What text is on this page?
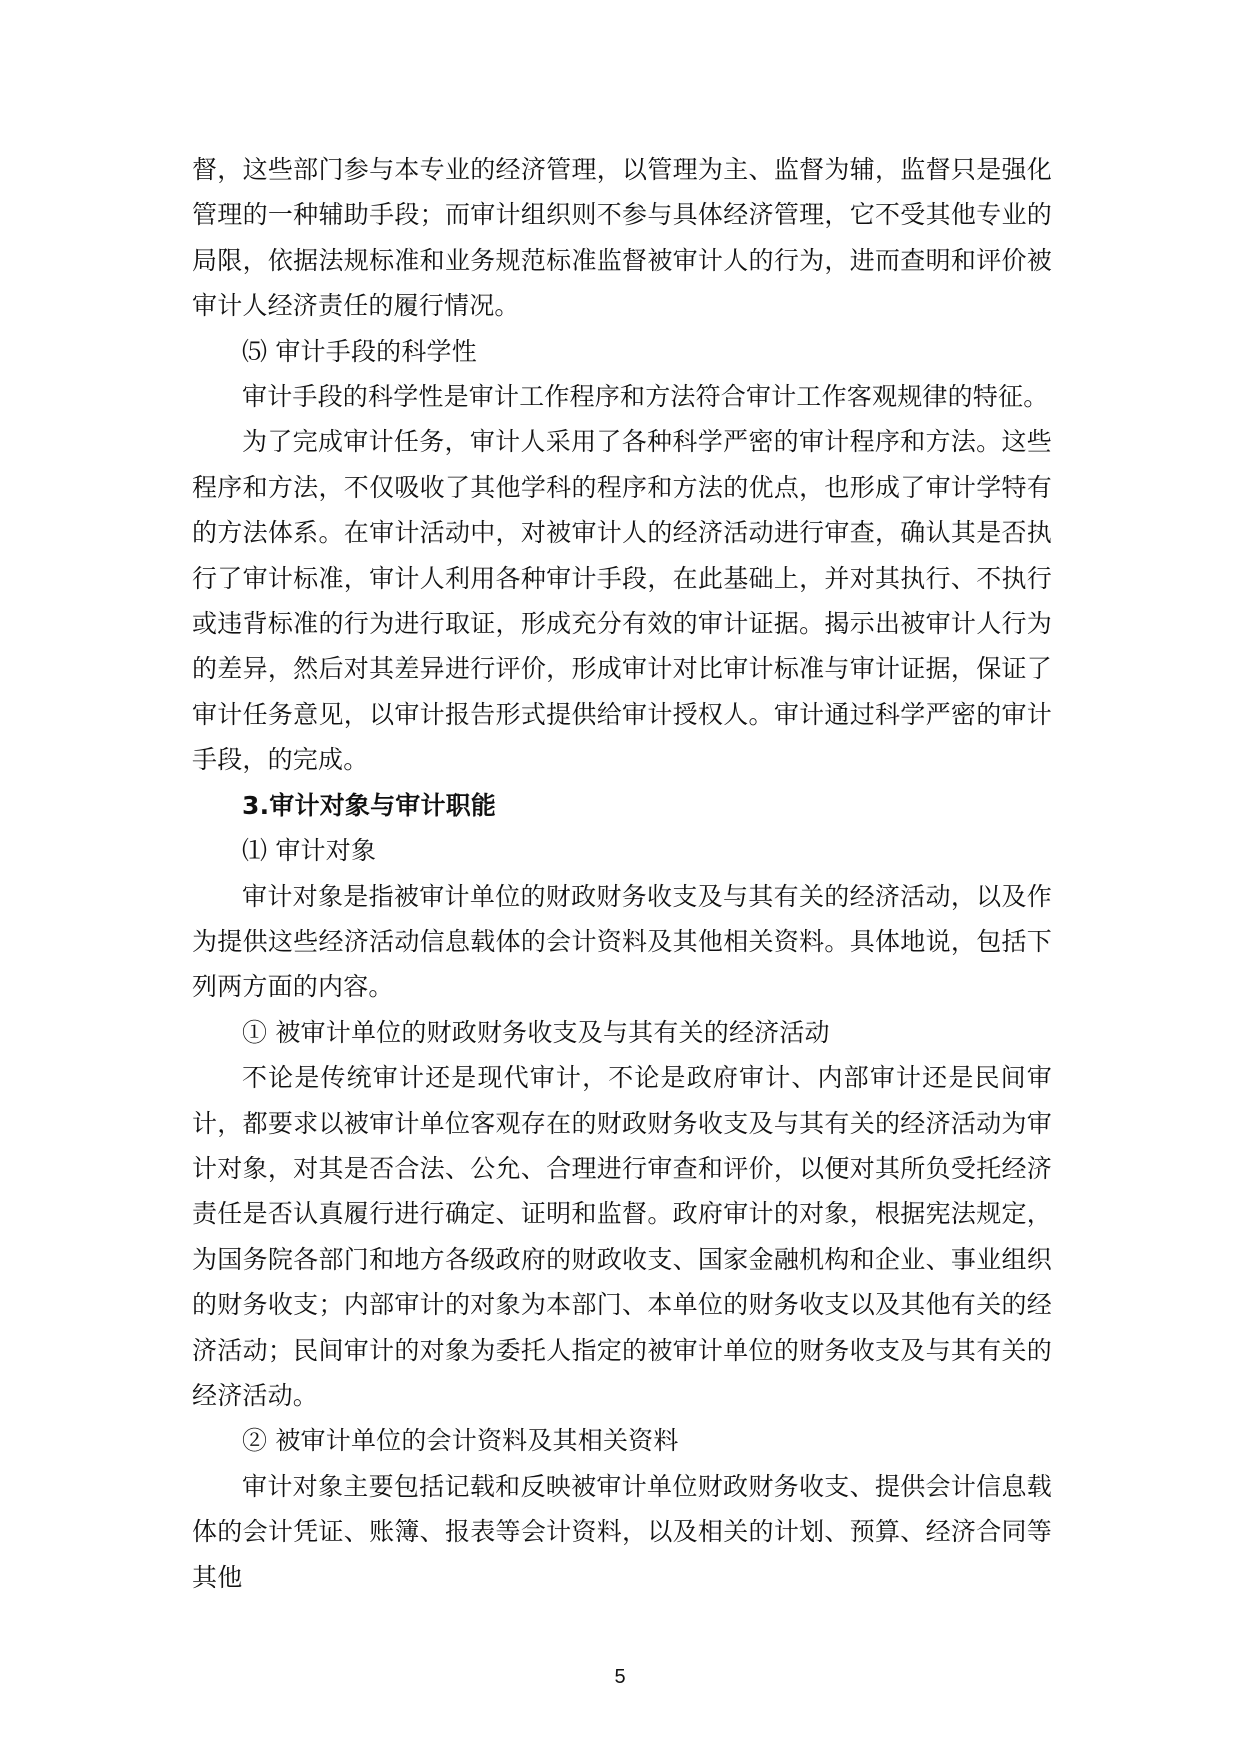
督，这些部门参与本专业的经济管理，以管理为主、监督为辅，监督只是强化管理的一种辅助手段；而审计组织则不参与具体经济管理，它不受其他专业的局限，依据法规标准和业务规范标准监督被审计人的行为，进而查明和评价被审计人经济责任的履行情况。

⑸ 审计手段的科学性

审计手段的科学性是审计工作程序和方法符合审计工作客观规律的特征。

为了完成审计任务，审计人采用了各种科学严密的审计程序和方法。这些程序和方法，不仅吸收了其他学科的程序和方法的优点，也形成了审计学特有的方法体系。在审计活动中，对被审计人的经济活动进行审查，确认其是否执行了审计标准，审计人利用各种审计手段，在此基础上，并对其执行、不执行或违背标准的行为进行取证，形成充分有效的审计证据。揭示出被审计人行为的差异，然后对其差异进行评价，形成审计对比审计标准与审计证据，保证了审计任务意见，以审计报告形式提供给审计授权人。审计通过科学严密的审计手段，的完成。

3.审计对象与审计职能

⑴ 审计对象

审计对象是指被审计单位的财政财务收支及与其有关的经济活动，以及作为提供这些经济活动信息载体的会计资料及其他相关资料。具体地说，包括下列两方面的内容。

① 被审计单位的财政财务收支及与其有关的经济活动

不论是传统审计还是现代审计，不论是政府审计、内部审计还是民间审计，都要求以被审计单位客观存在的财政财务收支及与其有关的经济活动为审计对象，对其是否合法、公允、合理进行审查和评价，以便对其所负受托经济责任是否认真履行进行确定、证明和监督。政府审计的对象，根据宪法规定，为国务院各部门和地方各级政府的财政收支、国家金融机构和企业、事业组织的财务收支；内部审计的对象为本部门、本单位的财务收支以及其他有关的经济活动；民间审计的对象为委托人指定的被审计单位的财务收支及与其有关的经济活动。

② 被审计单位的会计资料及其相关资料

审计对象主要包括记载和反映被审计单位财政财务收支、提供会计信息载体的会计凭证、账簿、报表等会计资料，以及相关的计划、预算、经济合同等其他

5
